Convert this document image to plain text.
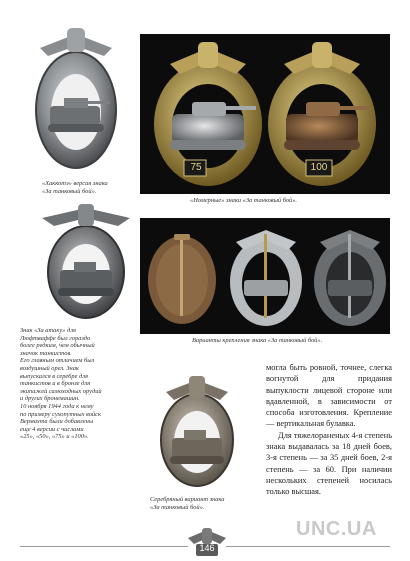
«Хаккотэ» версия знака
«За танковый бой».

75	100

«Номерные» знаки «За танковый бой».

Знак «За атаку» для
Люфтваффе был гораздо
более редким, чем обычный
значок танкистов.
Его главным отличием был
воздушный орел. Знак
выпускался в серебре для
танкистов и в бронзе для
экипажей самоходных орудий
и других бронемашин.
10 ноября 1944 года к нему
по примеру сухопутных войск
Вермахта были добавлены
еще 4 версии с числами
«25», «50», «75» и «100».

Варианты крепления знака «За танковый бой».

Серебряный вариант знака
«За танковый бой».

могла быть ровной, точнее, слегка вогнутой для придания выпуклости лицевой стороне или вдавленной, в зависимости от способа изготовления. Крепление — вертикальная булавка.

Для тяжелораненых 4-я степень знака выдавалась за 18 дней боев, 3-я степень — за 35 дней боев, 2-я степень — за 60. При наличии нескольких степеней носилась только высшая.

146
UNC.UA
